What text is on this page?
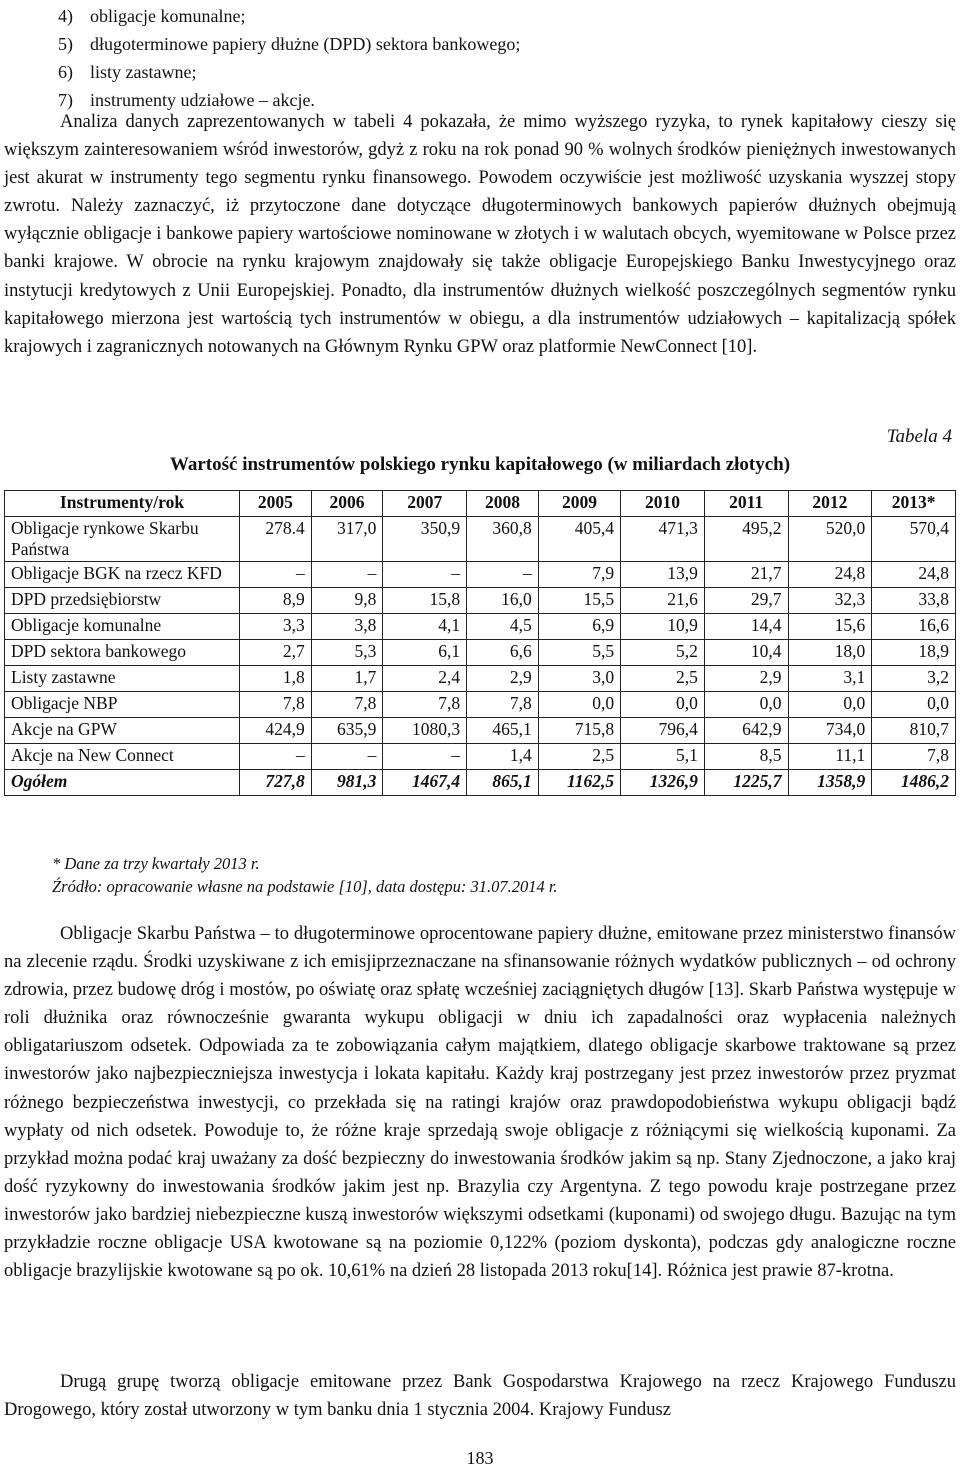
4) obligacje komunalne;
5) długoterminowe papiery dłużne (DPD) sektora bankowego;
6) listy zastawne;
7) instrumenty udziałowe – akcje.

Analiza danych zaprezentowanych w tabeli 4 pokazała, że mimo wyższego ryzyka, to rynek kapitałowy cieszy się większym zainteresowaniem wśród inwestorów, gdyż z roku na rok ponad 90 % wolnych środków pieniężnych inwestowanych jest akurat w instrumenty tego segmentu rynku finansowego. Powodem oczywiście jest możliwość uzyskania wyszzej stopy zwrotu. Należy zaznaczyć, iż przytoczone dane dotyczące długoterminowych bankowych papierów dłużnych obejmują wyłącznie obligacje i bankowe papiery wartościowe nominowane w złotych i w walutach obcych, wyemitowane w Polsce przez banki krajowe. W obrocie na rynku krajowym znajdowały się także obligacje Europejskiego Banku Inwestycyjnego oraz instytucji kredytowych z Unii Europejskiej. Ponadto, dla instrumentów dłużnych wielkość poszczególnych segmentów rynku kapitałowego mierzona jest wartością tych instrumentów w obiegu, a dla instrumentów udziałowych – kapitalizacją spółek krajowych i zagranicznych notowanych na Głównym Rynku GPW oraz platformie NewConnect [10].

Tabela 4
Wartość instrumentów polskiego rynku kapitałowego (w miliardach złotych)
Instrumenty/rok	2005	2006	2007	2008	2009	2010	2011	2012	2013*
Obligacje rynkowe Skarbu Państwa	278.4	317,0	350,9	360,8	405,4	471,3	495,2	520,0	570,4
Obligacje BGK na rzecz KFD	–	–	–	–	7,9	13,9	21,7	24,8	24,8
DPD przedsiębiorstw	8,9	9,8	15,8	16,0	15,5	21,6	29,7	32,3	33,8
Obligacje komunalne	3,3	3,8	4,1	4,5	6,9	10,9	14,4	15,6	16,6
DPD sektora bankowego	2,7	5,3	6,1	6,6	5,5	5,2	10,4	18,0	18,9
Listy zastawne	1,8	1,7	2,4	2,9	3,0	2,5	2,9	3,1	3,2
Obligacje NBP	7,8	7,8	7,8	7,8	0,0	0,0	0,0	0,0	0,0
Akcje na GPW	424,9	635,9	1080,3	465,1	715,8	796,4	642,9	734,0	810,7
Akcje na New Connect	–	–	–	1,4	2,5	5,1	8,5	11,1	7,8
Ogółem	727,8	981,3	1467,4	865,1	1162,5	1326,9	1225,7	1358,9	1486,2
* Dane za trzy kwartały 2013 r.
Źródło: opracowanie własne na podstawie [10], data dostępu: 31.07.2014 r.

Obligacje Skarbu Państwa – to długoterminowe oprocentowane papiery dłużne, emitowane przez ministerstwo finansów na zlecenie rządu. Środki uzyskiwane z ich emisjiprzeznaczane na sfinansowanie różnych wydatków publicznych – od ochrony zdrowia, przez budowę dróg i mostów, po oświatę oraz spłatę wcześniej zaciągniętych długów [13]. Skarb Państwa występuje w roli dłużnika oraz równocześnie gwaranta wykupu obligacji w dniu ich zapadalności oraz wypłacenia należnych obligatariuszom odsetek. Odpowiada za te zobowiązania całym majątkiem, dlatego obligacje skarbowe traktowane są przez inwestorów jako najbezpieczniejsza inwestycja i lokata kapitału. Każdy kraj postrzegany jest przez inwestorów przez pryzmat różnego bezpieczeństwa inwestycji, co przekłada się na ratingi krajów oraz prawdopodobieństwa wykupu obligacji bądź wypłaty od nich odsetek. Powoduje to, że różne kraje sprzedają swoje obligacje z różniącymi się wielkością kuponami. Za przykład można podać kraj uważany za dość bezpieczny do inwestowania środków jakim są np. Stany Zjednoczone, a jako kraj dość ryzykowny do inwestowania środków jakim jest np. Brazylia czy Argentyna. Z tego powodu kraje postrzegane przez inwestorów jako bardziej niebezpieczne kuszą inwestorów większymi odsetkami (kuponami) od swojego długu. Bazując na tym przykładzie roczne obligacje USA kwotowane są na poziomie 0,122% (poziom dyskonta), podczas gdy analogiczne roczne obligacje brazylijskie kwotowane są po ok. 10,61% na dzień 28 listopada 2013 roku[14]. Różnica jest prawie 87-krotna.

Drugą grupę tworzą obligacje emitowane przez Bank Gospodarstwa Krajowego na rzecz Krajowego Funduszu Drogowego, który został utworzony w tym banku dnia 1 stycznia 2004. Krajowy Fundusz

183
